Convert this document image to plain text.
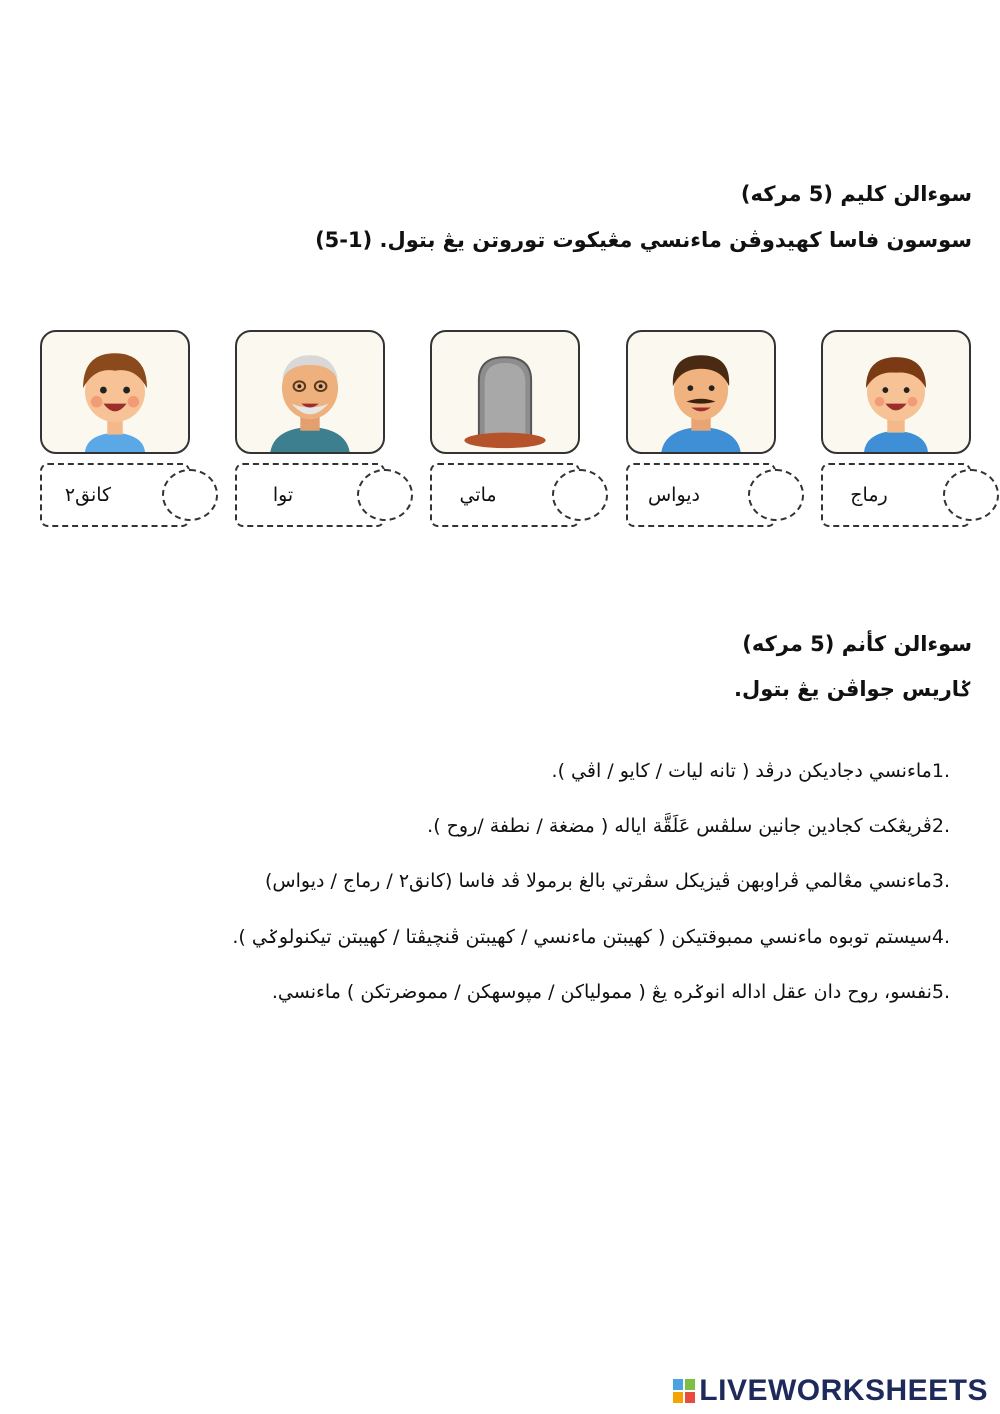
سوءالن كليم (5 مركه)
سوسون فاسا كهيدوڤن ماءنسي مڠيكوت توروتن يڠ بتول. (1-5)
رماج
ديواس
ماتي
توا
كانق٢
سوءالن كأنم (5 مركه)
ݢاريس جواڤن يڠ بتول.
ماءنسي دجاديكن درڤد ( تانه ليات / كايو / اڤي ).1.
ڤريڠكت كجادين جانين سلڤس عَلَقَّة اياله ( مضغة / نطفة /روح ).2.
ماءنسي مڠالمي ڤراوبهن ڤيزيكل سڤرتي بالغ برمولا ڤد فاسا (كانق٢ / رماج / ديواس)3.
سيستم توبوه ماءنسي ممبوقتيكن ( كهيبتن ماءنسي / كهيبتن ڤنچيڤتا / كهيبتن تيكنولوݢي ).4.
نفسو، روح دان عقل اداله انوݢره يڠ ( ممولياكن / مپوسهكن / مموضرتكن ) ماءنسي.5.
LIVEWORKSHEETS
